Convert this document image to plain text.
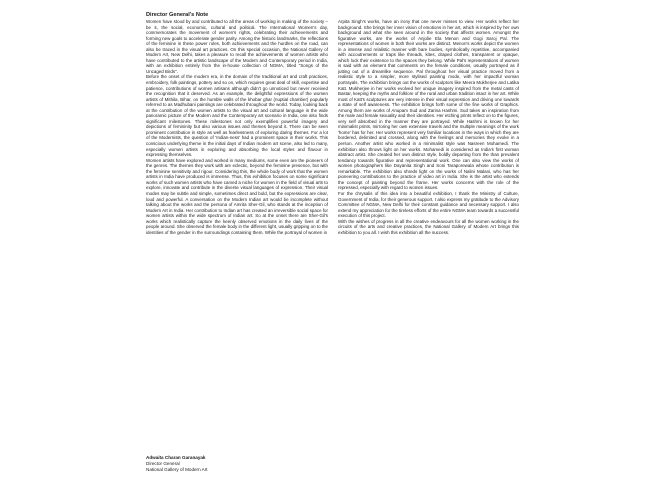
Director General's Note

Women have stood by and contributed to all the areas of working in making of the society – be it, the social, economic, cultural and political. The International Women's day, commemorates the movement of women's rights, celebrating their achievements and forming new goals to accelerate gender parity. Among the historic landmarks, the reflections of the feminine in these power roles, both achievements and the hurdles on the road, can also be traced in the visual art practices. On this special occasion, the National Gallery of Modern Art, New Delhi, takes a pleasure to recall the achievements of women artists who have contributed to the artistic landscape of the Modern and Contemporary period in India, with an exhibition entirely from the in-house collection of NGMA, titled "Songs of the Uncaged Birds".

Before the onset of the modern era, in the domain of the traditional art and craft practices, embroidery, folk paintings, pottery and so on, which requires great deal of skill, expertise and patience, contributions of women artisans although didn't go unnoticed but never received the recognition that it deserved. As an example, the delightful expressions of the women artists of Mithila, Bihar, on the humble walls of the khobar ghar (nuptial chamber) popularly referred to as Madhubani paintings are celebrated throughout the world. Today, looking back at the contribution of the women artists to the visual art and cultural language in the wide panoramic picture of the Modern and the Contemporary art scenario in India, one also finds significant milestones. These milestones not only exemplifies powerful imagery and depictions of femininity but also various issues and themes beyond it. There can be seen prominent contribution in style as well as fearlessness of exploring daring themes. For a lot of the Modernists, the question of 'Indian-ness' had a prominent space in their works. This conscious underlying theme in the initial days of Indian modern art scene, also led to many, especially women artists in exploring and absorbing the local styles and flavour in expressing themselves.

Women artists have explored and worked in many mediums, some even are the pioneers of the genres. The themes they work with are eclectic, beyond the feminine presence, but with the feminine sensitivity and rigour. Considering this, the whole body of work that the women artists in India have produced is immense. Thus, this exhibition focuses on some significant works of such women artists who have carved a niche for women in the field of visual arts to explore, innovate and contribute in the diverse visual languages of expression. Their visual modes may be subtle and simple, sometimes direct and bold, but the expressions are clear, loud and powerful. A conversation on the Modern Indian art would be incomplete without talking about the works and the persona of Amrita Sher-Gil, who stands at the inception of Modern Art in India. Her contribution to Indian art has created an irreversible social space for women artists within the wide spectrum of Indian art. So at the onset there are Sher-Gil's works which realistically capture the keenly observed emotions in the daily lives of the people around. She observed the female body in the different light, usually gripping on to the identities of the gender in the surroundings containing them. While the portrayal of women in

Arpita Singh's works, have an irony that one never misses to view. Her works reflect her background. She brings her inner vision of emotions in her art, which is inspired by her own background and what she sees around in the society that affects women. Amongst the figurative works, are the works of Anjolie Ela Menon and Gogi Saroj Pal. The representations of women in both their works are distinct. Menon's works depict the women in a intense and relalistic manner with bare bodies, symbolically repetitive, accompanied with accoutrements or traps like threads, kites, draped clothes, transparent or opaque, which lock their existence to the spaces they belong. While Pal's representations of women is said with an element that comments on the female conditions, usually portrayed as if jutting out of a dreamlike sequence. Pal throughout her visual practice moved from a realistic style to a simpler, more stylised painting mode, with her impactful woman portrayals. The exhibition brings out the works of sculptors like Meera Mukherjee and Latika Katt. Mukherjee in her works evolved her unique imagery inspired from the metal casts of Bastar, keeping the myths and folklore of the rural and urban tradition intact in her art. While most of Katt's sculptures are very intense in their visual expression and driving one towards a state of self awareness. The exhibition brings forth some of the fine works of Graphics. Among them are works of Anupam Sud and Zarina Hashmi. Sud takes an inspiration from the male and female sexuality and their identities. Her etching prints reflect on to the figures, very self absorbed in the manner they are portrayed. While Hashmi is known for her minimalist prints, mirroring her own extensive travels and the multiple meanings of the work 'home' has for her. Her works represent very familiar locations in the ways in which they are bordered, delimited and crossed, along with the feelings and memories they evoke in a person. Another artist who worked in a minimalist style was Nasreen Mohamedi. The exhibition also throws light on her works. Mohamedi is considered as India's first woman abstract artist. She created her own distinct style, boldly departing from the than prevalent tendancy towards figurative and representational work. One can also view the works of women photographers like Dayanita Singh and Soni Taraporewala whose contribution is remarkable. The exhibition also shreds light on the works of Nalini Malani, who has her pioneering contributions to the practice of video art in India. She is the artist who extends the concept of painting beyond the frame. Her works concerns with the role of the repressed, especially with regard to women issues.

For the chrysalis of this idea into a beautiful exhibition, I thank the Ministry of Culture, Government of India, for their generous support. I also express my gratitude to the Advisory Committee of NGMA, New Delhi for their constant guidance and necessary support. I also extend my appreciation for the tireless efforts of the entire NGMA team towards a successful execution of this project.

With the wishes of progress in all the creative endeavours for all the women working in the circuits of the arts and creative practices, the National Gallery of Modern Art brings this exhibition to you all. I wish this exhibition all the success.

Adwaita Charan Garanayak
Director General
National Gallery of Modern Art
